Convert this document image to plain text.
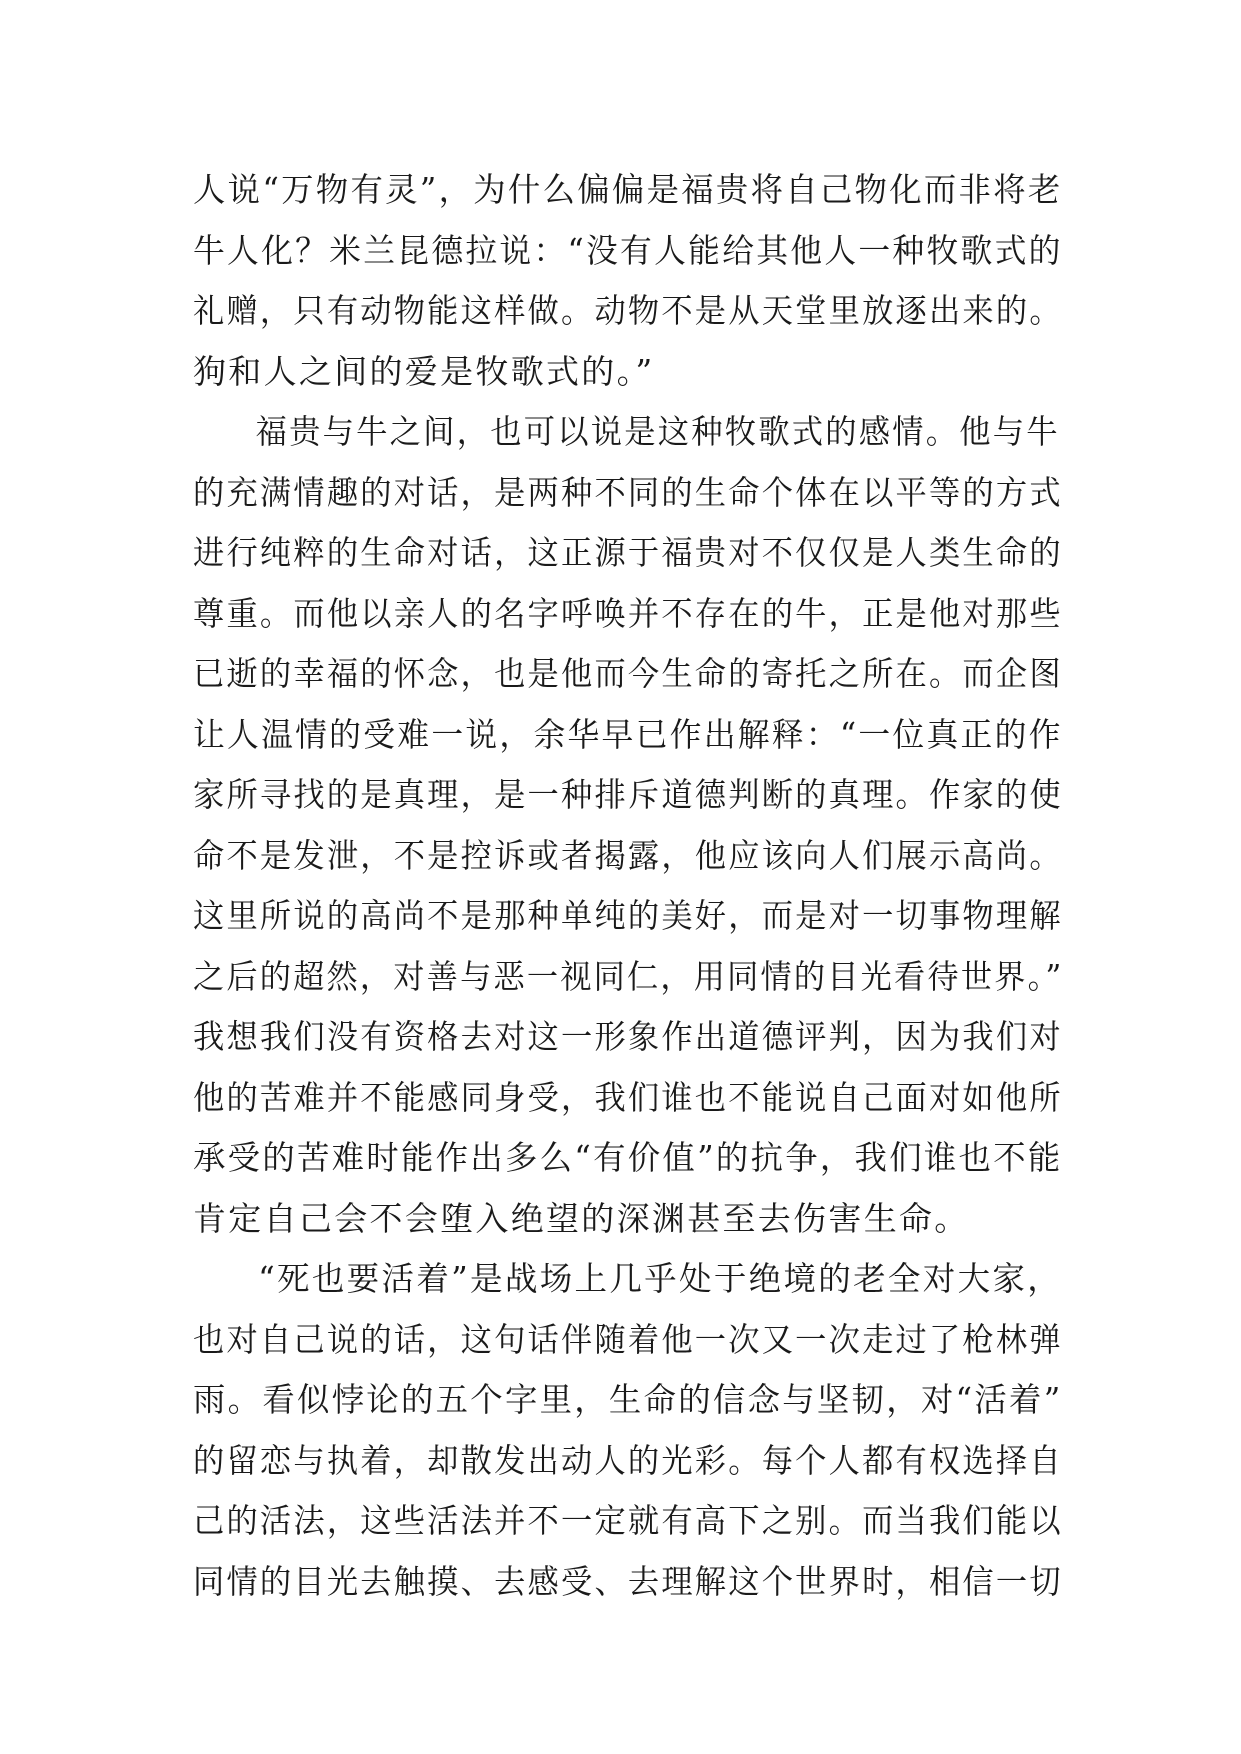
人说“万物有灵”，为什么偏偏是福贵将自己物化而非将老
牛人化？米兰昆德拉说：“没有人能给其他人一种牧歌式的
礼赠，只有动物能这样做。动物不是从天堂里放逐出来的。
狗和人之间的爱是牧歌式的。”
福贵与牛之间，也可以说是这种牧歌式的感情。他与牛
的充满情趣的对话，是两种不同的生命个体在以平等的方式
进行纯粹的生命对话，这正源于福贵对不仅仅是人类生命的
尊重。而他以亲人的名字呼唤并不存在的牛，正是他对那些
已逝的幸福的怀念，也是他而今生命的寄托之所在。而企图
让人温情的受难一说，余华早已作出解释：“一位真正的作
家所寻找的是真理，是一种排斥道德判断的真理。作家的使
命不是发泄，不是控诉或者揭露，他应该向人们展示高尚。
这里所说的高尚不是那种单纯的美好，而是对一切事物理解
之后的超然，对善与恶一视同仁，用同情的目光看待世界。”
我想我们没有资格去对这一形象作出道德评判，因为我们对
他的苦难并不能感同身受，我们谁也不能说自己面对如他所
承受的苦难时能作出多么“有价值”的抗争，我们谁也不能
肯定自己会不会堕入绝望的深渊甚至去伤害生命。
“死也要活着”是战场上几乎处于绝境的老全对大家，
也对自己说的话，这句话伴随着他一次又一次走过了枪林弹
雨。看似悖论的五个字里，生命的信念与坚韧，对“活着”
的留恋与执着，却散发出动人的光彩。每个人都有权选择自
己的活法，这些活法并不一定就有高下之别。而当我们能以
同情的目光去触摸、去感受、去理解这个世界时，相信一切
